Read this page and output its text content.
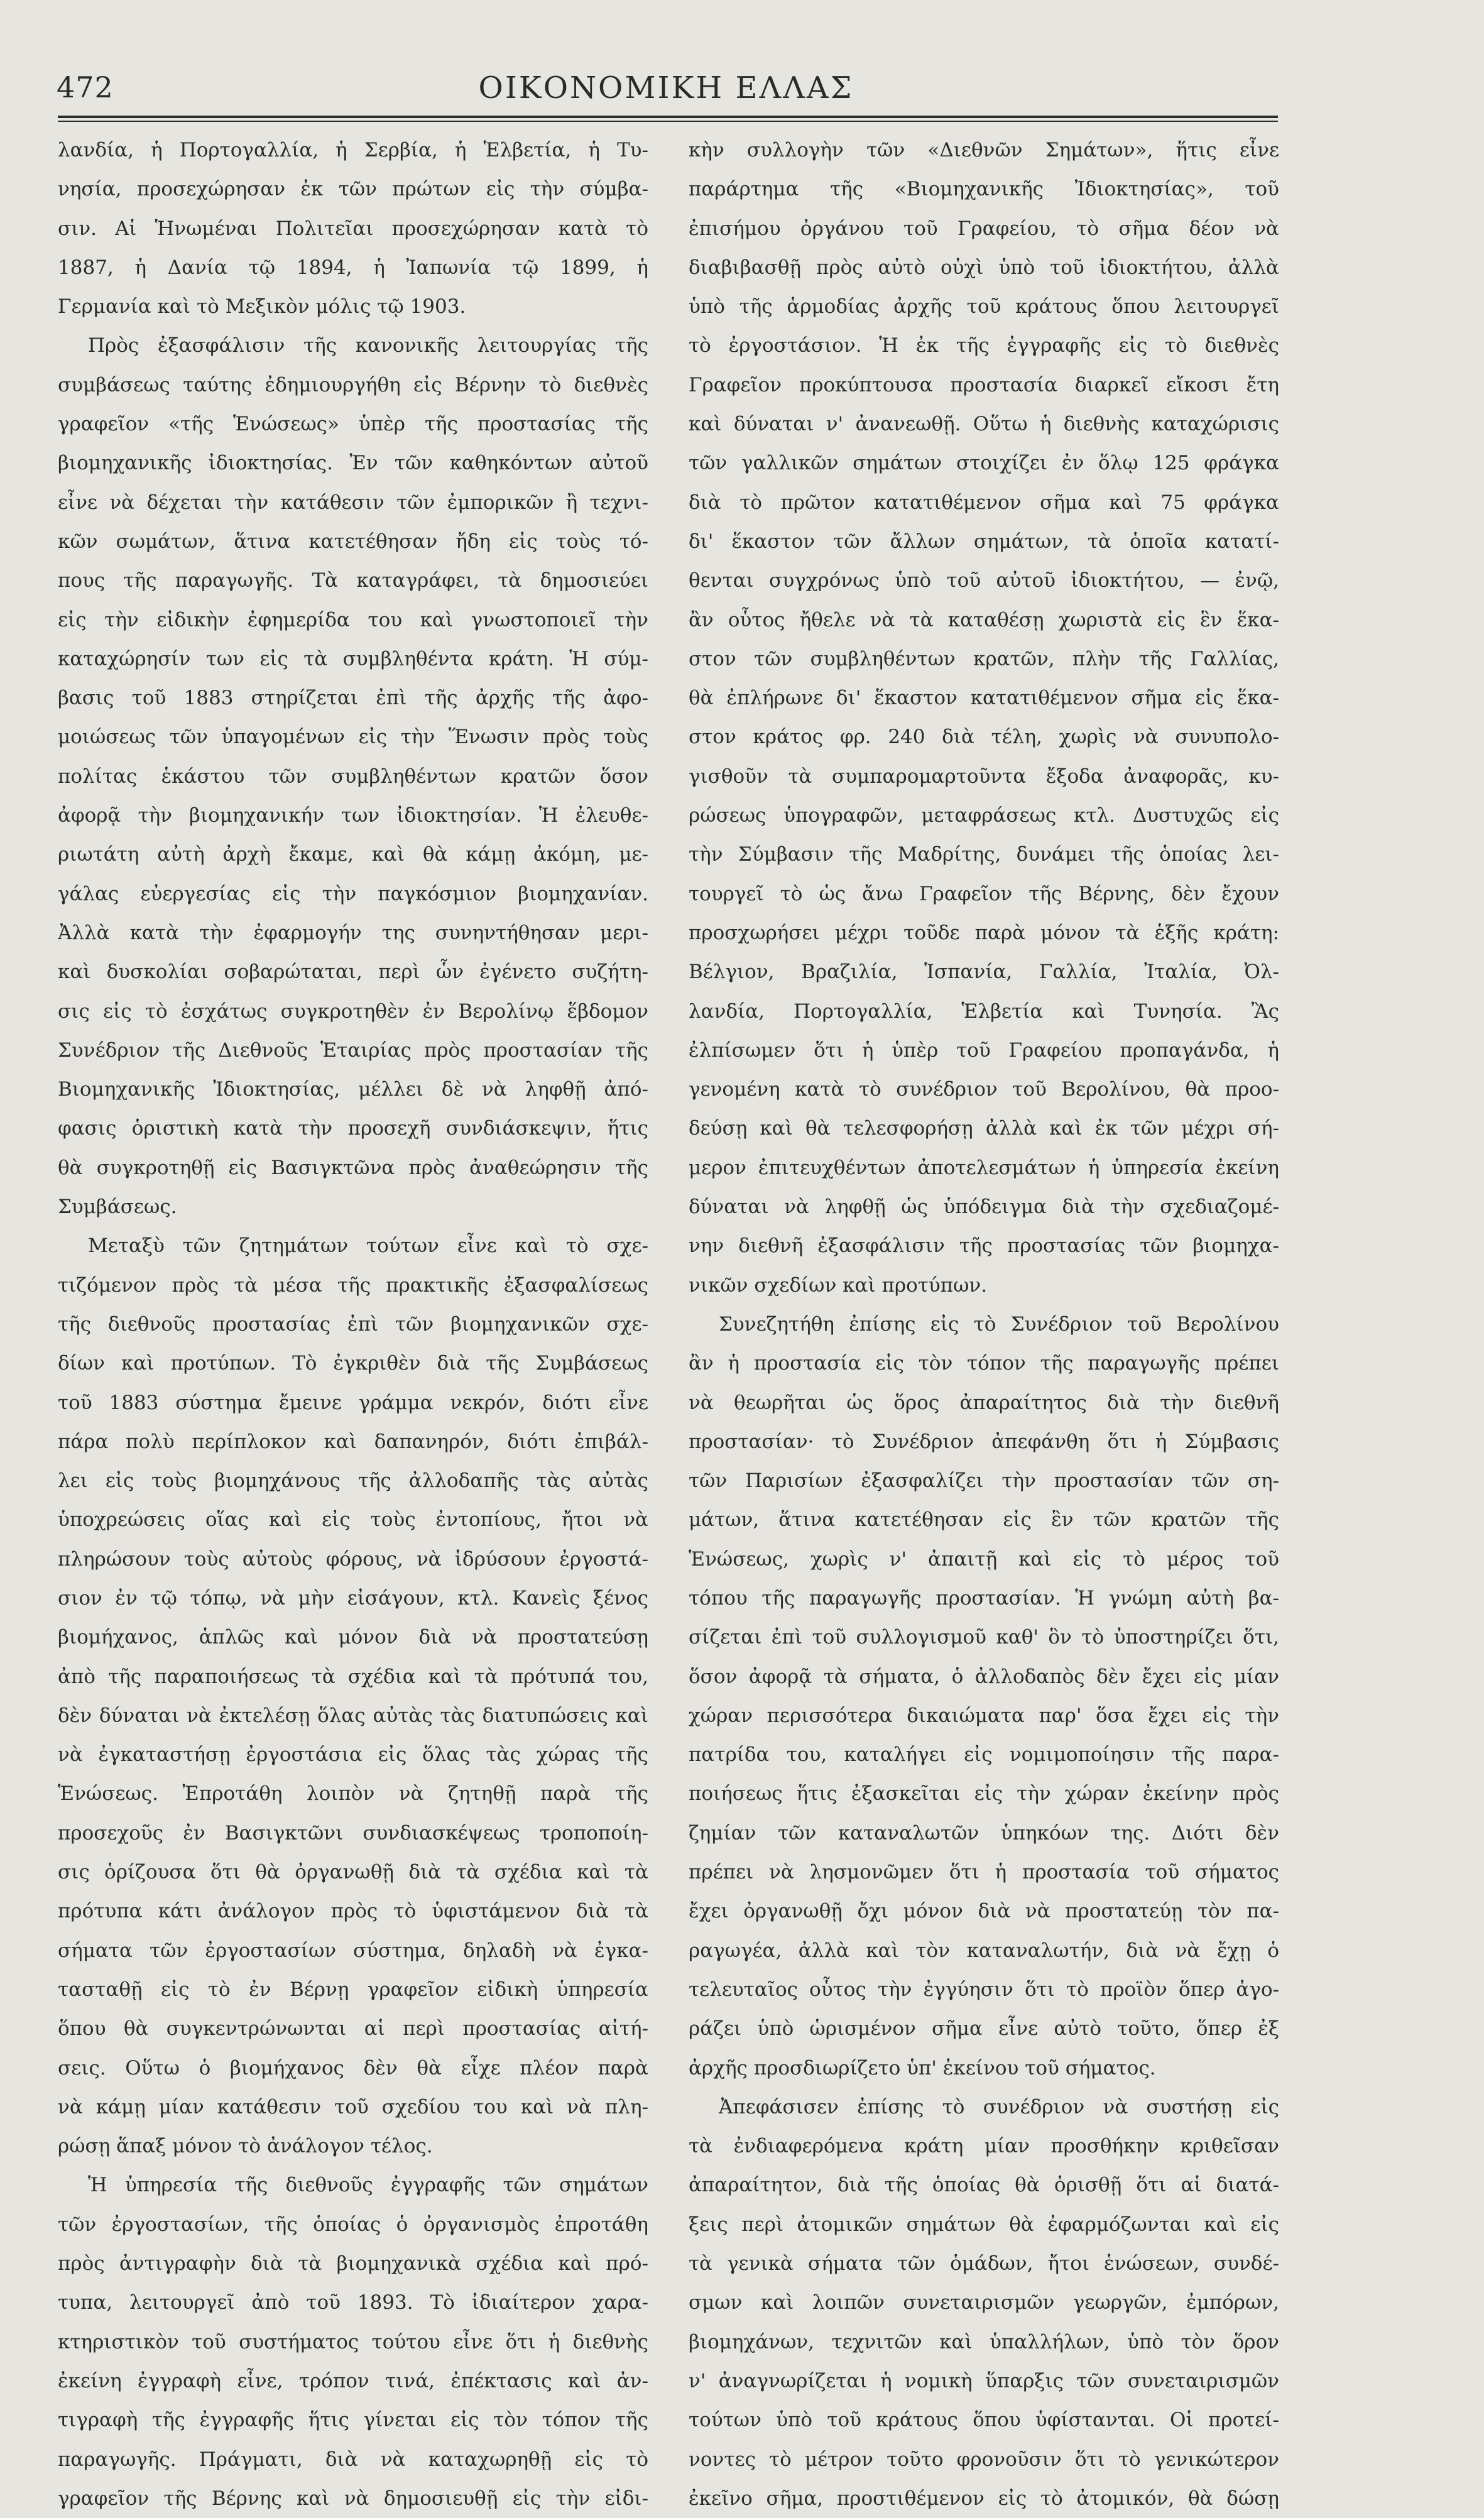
472	ΟΙΚΟΝΟΜΙΚΗ ΕΛΛΑΣ
λανδία, ἡ Πορτογαλλία, ἡ Σερβία, ἡ Ἑλβετία, ἡ Τυ-
νησία, προσεχώρησαν ἐκ τῶν πρώτων εἰς τὴν σύμβα-
σιν. Αἱ Ἡνωμέναι Πολιτεῖαι προσεχώρησαν κατὰ τὸ
1887, ἡ Δανία τῷ 1894, ἡ Ἰαπωνία τῷ 1899, ἡ
Γερμανία καὶ τὸ Μεξικὸν μόλις τῷ 1903.
Πρὸς ἐξασφάλισιν τῆς κανονικῆς λειτουργίας τῆς
συμβάσεως ταύτης ἐδημιουργήθη εἰς Βέρνην τὸ διεθνὲς
γραφεῖον «τῆς Ἑνώσεως» ὑπὲρ τῆς προστασίας τῆς
βιομηχανικῆς ἰδιοκτησίας. Ἐν τῶν καθηκόντων αὐτοῦ
εἶνε νὰ δέχεται τὴν κατάθεσιν τῶν ἐμπορικῶν ἢ τεχνι-
κῶν σωμάτων, ἅτινα κατετέθησαν ἤδη εἰς τοὺς τό-
πους τῆς παραγωγῆς. Τὰ καταγράφει, τὰ δημοσιεύει
εἰς τὴν εἰδικὴν ἐφημερίδα του καὶ γνωστοποιεῖ τὴν
καταχώρησίν των εἰς τὰ συμβληθέντα κράτη. Ἡ σύμ-
βασις τοῦ 1883 στηρίζεται ἐπὶ τῆς ἀρχῆς τῆς ἀφο-
μοιώσεως τῶν ὑπαγομένων εἰς τὴν Ἕνωσιν πρὸς τοὺς
πολίτας ἑκάστου τῶν συμβληθέντων κρατῶν ὅσον
ἀφορᾷ τὴν βιομηχανικήν των ἰδιοκτησίαν. Ἡ ἐλευθε-
ριωτάτη αὐτὴ ἀρχὴ ἔκαμε, καὶ θὰ κάμῃ ἀκόμη, με-
γάλας εὐεργεσίας εἰς τὴν παγκόσμιον βιομηχανίαν.
Ἀλλὰ κατὰ τὴν ἐφαρμογήν της συνηντήθησαν μερι-
καὶ δυσκολίαι σοβαρώταται, περὶ ὧν ἐγένετο συζήτη-
σις εἰς τὸ ἐσχάτως συγκροτηθὲν ἐν Βερολίνῳ ἕβδομον
Συνέδριον τῆς Διεθνοῦς Ἑταιρίας πρὸς προστασίαν τῆς
Βιομηχανικῆς Ἰδιοκτησίας, μέλλει δὲ νὰ ληφθῇ ἀπό-
φασις ὁριστικὴ κατὰ τὴν προσεχῆ συνδιάσκεψιν, ἥτις
θὰ συγκροτηθῇ εἰς Βασιγκτῶνα πρὸς ἀναθεώρησιν τῆς
Συμβάσεως.
Μεταξὺ τῶν ζητημάτων τούτων εἶνε καὶ τὸ σχε-
τιζόμενον πρὸς τὰ μέσα τῆς πρακτικῆς ἐξασφαλίσεως
τῆς διεθνοῦς προστασίας ἐπὶ τῶν βιομηχανικῶν σχε-
δίων καὶ προτύπων. Τὸ ἐγκριθὲν διὰ τῆς Συμβάσεως
τοῦ 1883 σύστημα ἔμεινε γράμμα νεκρόν, διότι εἶνε
πάρα πολὺ περίπλοκον καὶ δαπανηρόν, διότι ἐπιβάλ-
λει εἰς τοὺς βιομηχάνους τῆς ἀλλοδαπῆς τὰς αὐτὰς
ὑποχρεώσεις οἵας καὶ εἰς τοὺς ἐντοπίους, ἤτοι νὰ
πληρώσουν τοὺς αὐτοὺς φόρους, νὰ ἱδρύσουν ἐργοστά-
σιον ἐν τῷ τόπῳ, νὰ μὴν εἰσάγουν, κτλ. Κανεὶς ξένος
βιομήχανος, ἁπλῶς καὶ μόνον διὰ νὰ προστατεύσῃ
ἀπὸ τῆς παραποιήσεως τὰ σχέδια καὶ τὰ πρότυπά του,
δὲν δύναται νὰ ἐκτελέσῃ ὅλας αὐτὰς τὰς διατυπώσεις καὶ
νὰ ἐγκαταστήσῃ ἐργοστάσια εἰς ὅλας τὰς χώρας τῆς
Ἑνώσεως. Ἐπροτάθη λοιπὸν νὰ ζητηθῇ παρὰ τῆς
προσεχοῦς ἐν Βασιγκτῶνι συνδιασκέψεως τροποποίη-
σις ὁρίζουσα ὅτι θὰ ὀργανωθῇ διὰ τὰ σχέδια καὶ τὰ
πρότυπα κάτι ἀνάλογον πρὸς τὸ ὑφιστάμενον διὰ τὰ
σήματα τῶν ἐργοστασίων σύστημα, δηλαδὴ νὰ ἐγκα-
τασταθῇ εἰς τὸ ἐν Βέρνῃ γραφεῖον εἰδικὴ ὑπηρεσία
ὅπου θὰ συγκεντρώνωνται αἱ περὶ προστασίας αἰτή-
σεις. Οὕτω ὁ βιομήχανος δὲν θὰ εἶχε πλέον παρὰ
νὰ κάμῃ μίαν κατάθεσιν τοῦ σχεδίου του καὶ νὰ πλη-
ρώσῃ ἅπαξ μόνον τὸ ἀνάλογον τέλος.
Ἡ ὑπηρεσία τῆς διεθνοῦς ἐγγραφῆς τῶν σημάτων
τῶν ἐργοστασίων, τῆς ὁποίας ὁ ὀργανισμὸς ἐπροτάθη
πρὸς ἀντιγραφὴν διὰ τὰ βιομηχανικὰ σχέδια καὶ πρό-
τυπα, λειτουργεῖ ἀπὸ τοῦ 1893. Τὸ ἰδιαίτερον χαρα-
κτηριστικὸν τοῦ συστήματος τούτου εἶνε ὅτι ἡ διεθνὴς
ἐκείνη ἐγγραφὴ εἶνε, τρόπον τινά, ἐπέκτασις καὶ ἀν-
τιγραφὴ τῆς ἐγγραφῆς ἥτις γίνεται εἰς τὸν τόπον τῆς
παραγωγῆς. Πράγματι, διὰ νὰ καταχωρηθῇ εἰς τὸ
γραφεῖον τῆς Βέρνης καὶ νὰ δημοσιευθῇ εἰς τὴν εἰδι-
κὴν συλλογὴν τῶν «Διεθνῶν Σημάτων», ἥτις εἶνε
παράρτημα τῆς «Βιομηχανικῆς Ἰδιοκτησίας», τοῦ
ἐπισήμου ὀργάνου τοῦ Γραφείου, τὸ σῆμα δέον νὰ
διαβιβασθῇ πρὸς αὐτὸ οὐχὶ ὑπὸ τοῦ ἰδιοκτήτου, ἀλλὰ
ὑπὸ τῆς ἁρμοδίας ἀρχῆς τοῦ κράτους ὅπου λειτουργεῖ
τὸ ἐργοστάσιον. Ἡ ἐκ τῆς ἐγγραφῆς εἰς τὸ διεθνὲς
Γραφεῖον προκύπτουσα προστασία διαρκεῖ εἴκοσι ἔτη
καὶ δύναται ν' ἀνανεωθῇ. Οὕτω ἡ διεθνὴς καταχώρισις
τῶν γαλλικῶν σημάτων στοιχίζει ἐν ὅλῳ 125 φράγκα
διὰ τὸ πρῶτον κατατιθέμενον σῆμα καὶ 75 φράγκα
δι' ἕκαστον τῶν ἄλλων σημάτων, τὰ ὁποῖα κατατί-
θενται συγχρόνως ὑπὸ τοῦ αὐτοῦ ἰδιοκτήτου, — ἐνῷ,
ἂν οὗτος ἤθελε νὰ τὰ καταθέσῃ χωριστὰ εἰς ἓν ἕκα-
στον τῶν συμβληθέντων κρατῶν, πλὴν τῆς Γαλλίας,
θὰ ἐπλήρωνε δι' ἕκαστον κατατιθέμενον σῆμα εἰς ἕκα-
στον κράτος φρ. 240 διὰ τέλη, χωρὶς νὰ συνυπολο-
γισθοῦν τὰ συμπαρομαρτοῦντα ἔξοδα ἀναφορᾶς, κυ-
ρώσεως ὑπογραφῶν, μεταφράσεως κτλ. Δυστυχῶς εἰς
τὴν Σύμβασιν τῆς Μαδρίτης, δυνάμει τῆς ὁποίας λει-
τουργεῖ τὸ ὡς ἄνω Γραφεῖον τῆς Βέρνης, δὲν ἔχουν
προσχωρήσει μέχρι τοῦδε παρὰ μόνον τὰ ἑξῆς κράτη:
Βέλγιον, Βραζιλία, Ἱσπανία, Γαλλία, Ἰταλία, Ὀλ-
λανδία, Πορτογαλλία, Ἑλβετία καὶ Τυνησία. Ἂς
ἐλπίσωμεν ὅτι ἡ ὑπὲρ τοῦ Γραφείου προπαγάνδα, ἡ
γενομένη κατὰ τὸ συνέδριον τοῦ Βερολίνου, θὰ προο-
δεύσῃ καὶ θὰ τελεσφορήσῃ ἀλλὰ καὶ ἐκ τῶν μέχρι σή-
μερον ἐπιτευχθέντων ἀποτελεσμάτων ἡ ὑπηρεσία ἐκείνη
δύναται νὰ ληφθῇ ὡς ὑπόδειγμα διὰ τὴν σχεδιαζομέ-
νην διεθνῆ ἐξασφάλισιν τῆς προστασίας τῶν βιομηχα-
νικῶν σχεδίων καὶ προτύπων.
Συνεζητήθη ἐπίσης εἰς τὸ Συνέδριον τοῦ Βερολίνου
ἂν ἡ προστασία εἰς τὸν τόπον τῆς παραγωγῆς πρέπει
νὰ θεωρῆται ὡς ὅρος ἀπαραίτητος διὰ τὴν διεθνῆ
προστασίαν· τὸ Συνέδριον ἀπεφάνθη ὅτι ἡ Σύμβασις
τῶν Παρισίων ἐξασφαλίζει τὴν προστασίαν τῶν ση-
μάτων, ἅτινα κατετέθησαν εἰς ἓν τῶν κρατῶν τῆς
Ἑνώσεως, χωρὶς ν' ἀπαιτῇ καὶ εἰς τὸ μέρος τοῦ
τόπου τῆς παραγωγῆς προστασίαν. Ἡ γνώμη αὐτὴ βα-
σίζεται ἐπὶ τοῦ συλλογισμοῦ καθ' ὃν τὸ ὑποστηρίζει ὅτι,
ὅσον ἀφορᾷ τὰ σήματα, ὁ ἀλλοδαπὸς δὲν ἔχει εἰς μίαν
χώραν περισσότερα δικαιώματα παρ' ὅσα ἔχει εἰς τὴν
πατρίδα του, καταλήγει εἰς νομιμοποίησιν τῆς παρα-
ποιήσεως ἥτις ἐξασκεῖται εἰς τὴν χώραν ἐκείνην πρὸς
ζημίαν τῶν καταναλωτῶν ὑπηκόων της. Διότι δὲν
πρέπει νὰ λησμονῶμεν ὅτι ἡ προστασία τοῦ σήματος
ἔχει ὀργανωθῇ ὄχι μόνον διὰ νὰ προστατεύῃ τὸν πα-
ραγωγέα, ἀλλὰ καὶ τὸν καταναλωτήν, διὰ νὰ ἔχῃ ὁ
τελευταῖος οὗτος τὴν ἐγγύησιν ὅτι τὸ προϊὸν ὅπερ ἀγο-
ράζει ὑπὸ ὡρισμένον σῆμα εἶνε αὐτὸ τοῦτο, ὅπερ ἐξ
ἀρχῆς προσδιωρίζετο ὑπ' ἐκείνου τοῦ σήματος.
Ἀπεφάσισεν ἐπίσης τὸ συνέδριον νὰ συστήσῃ εἰς
τὰ ἐνδιαφερόμενα κράτη μίαν προσθήκην κριθεῖσαν
ἀπαραίτητον, διὰ τῆς ὁποίας θὰ ὁρισθῇ ὅτι αἱ διατά-
ξεις περὶ ἀτομικῶν σημάτων θὰ ἐφαρμόζωνται καὶ εἰς
τὰ γενικὰ σήματα τῶν ὁμάδων, ἤτοι ἑνώσεων, συνδέ-
σμων καὶ λοιπῶν συνεταιρισμῶν γεωργῶν, ἐμπόρων,
βιομηχάνων, τεχνιτῶν καὶ ὑπαλλήλων, ὑπὸ τὸν ὅρον
ν' ἀναγνωρίζεται ἡ νομικὴ ὕπαρξις τῶν συνεταιρισμῶν
τούτων ὑπὸ τοῦ κράτους ὅπου ὑφίστανται. Οἱ προτεί-
νοντες τὸ μέτρον τοῦτο φρονοῦσιν ὅτι τὸ γενικώτερον
ἐκεῖνο σῆμα, προστιθέμενον εἰς τὸ ἀτομικόν, θὰ δώσῃ
